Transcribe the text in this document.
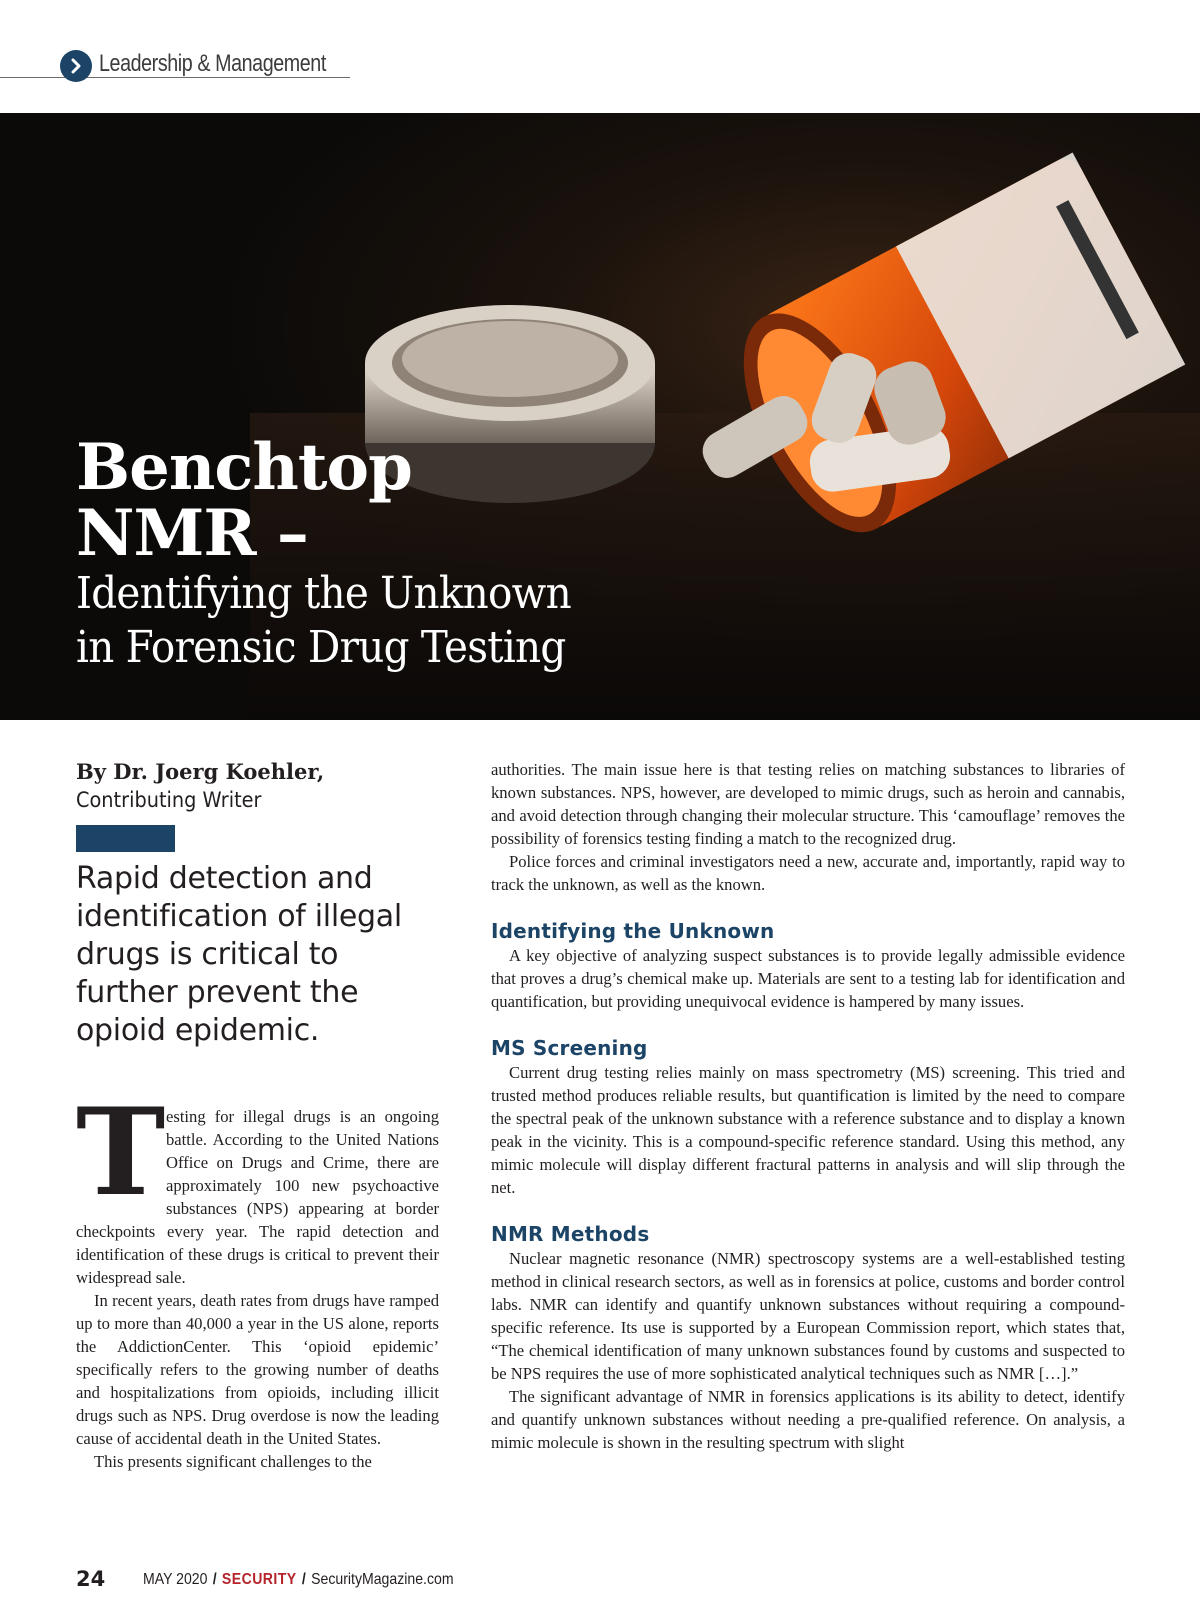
Leadership & Management
Benchtop
NMR –
Identifying the Unknown
in Forensic Drug Testing
By Dr. Joerg Koehler,
Contributing Writer
Rapid detection and identification of illegal drugs is critical to further prevent the opioid epidemic.

Testing for illegal drugs is an ongoing battle. According to the United Nations Office on Drugs and Crime, there are approximately 100 new psychoactive substances (NPS) appearing at border checkpoints every year. The rapid detection and identification of these drugs is critical to prevent their widespread sale.

In recent years, death rates from drugs have ramped up to more than 40,000 a year in the US alone, reports the AddictionCenter. This ‘opioid epidemic’ specifically refers to the growing number of deaths and hospitalizations from opioids, including illicit drugs such as NPS. Drug overdose is now the leading cause of accidental death in the United States.

This presents significant challenges to the

authorities. The main issue here is that testing relies on matching substances to libraries of known substances. NPS, however, are developed to mimic drugs, such as heroin and cannabis, and avoid detection through changing their molecular structure. This ‘camouflage’ removes the possibility of forensics testing finding a match to the recognized drug.

Police forces and criminal investigators need a new, accurate and, importantly, rapid way to track the unknown, as well as the known.

Identifying the Unknown

A key objective of analyzing suspect substances is to provide legally admissible evidence that proves a drug’s chemical make up. Materials are sent to a testing lab for identification and quantification, but providing unequivocal evidence is hampered by many issues.

MS Screening

Current drug testing relies mainly on mass spectrometry (MS) screening. This tried and trusted method produces reliable results, but quantification is limited by the need to compare the spectral peak of the unknown substance with a reference substance and to display a known peak in the vicinity. This is a compound-specific reference standard. Using this method, any mimic molecule will display different fractural patterns in analysis and will slip through the net.

NMR Methods

Nuclear magnetic resonance (NMR) spectroscopy systems are a well-established testing method in clinical research sectors, as well as in forensics at police, customs and border control labs. NMR can identify and quantify unknown substances without requiring a compound-specific reference. Its use is supported by a European Commission report, which states that, “The chemical identification of many unknown substances found by customs and suspected to be NPS requires the use of more sophisticated analytical techniques such as NMR […].”

The significant advantage of NMR in forensics applications is its ability to detect, identify and quantify unknown substances without needing a pre-qualified reference. On analysis, a mimic molecule is shown in the resulting spectrum with slight

24 MAY 2020 / SECURITY / SecurityMagazine.com
